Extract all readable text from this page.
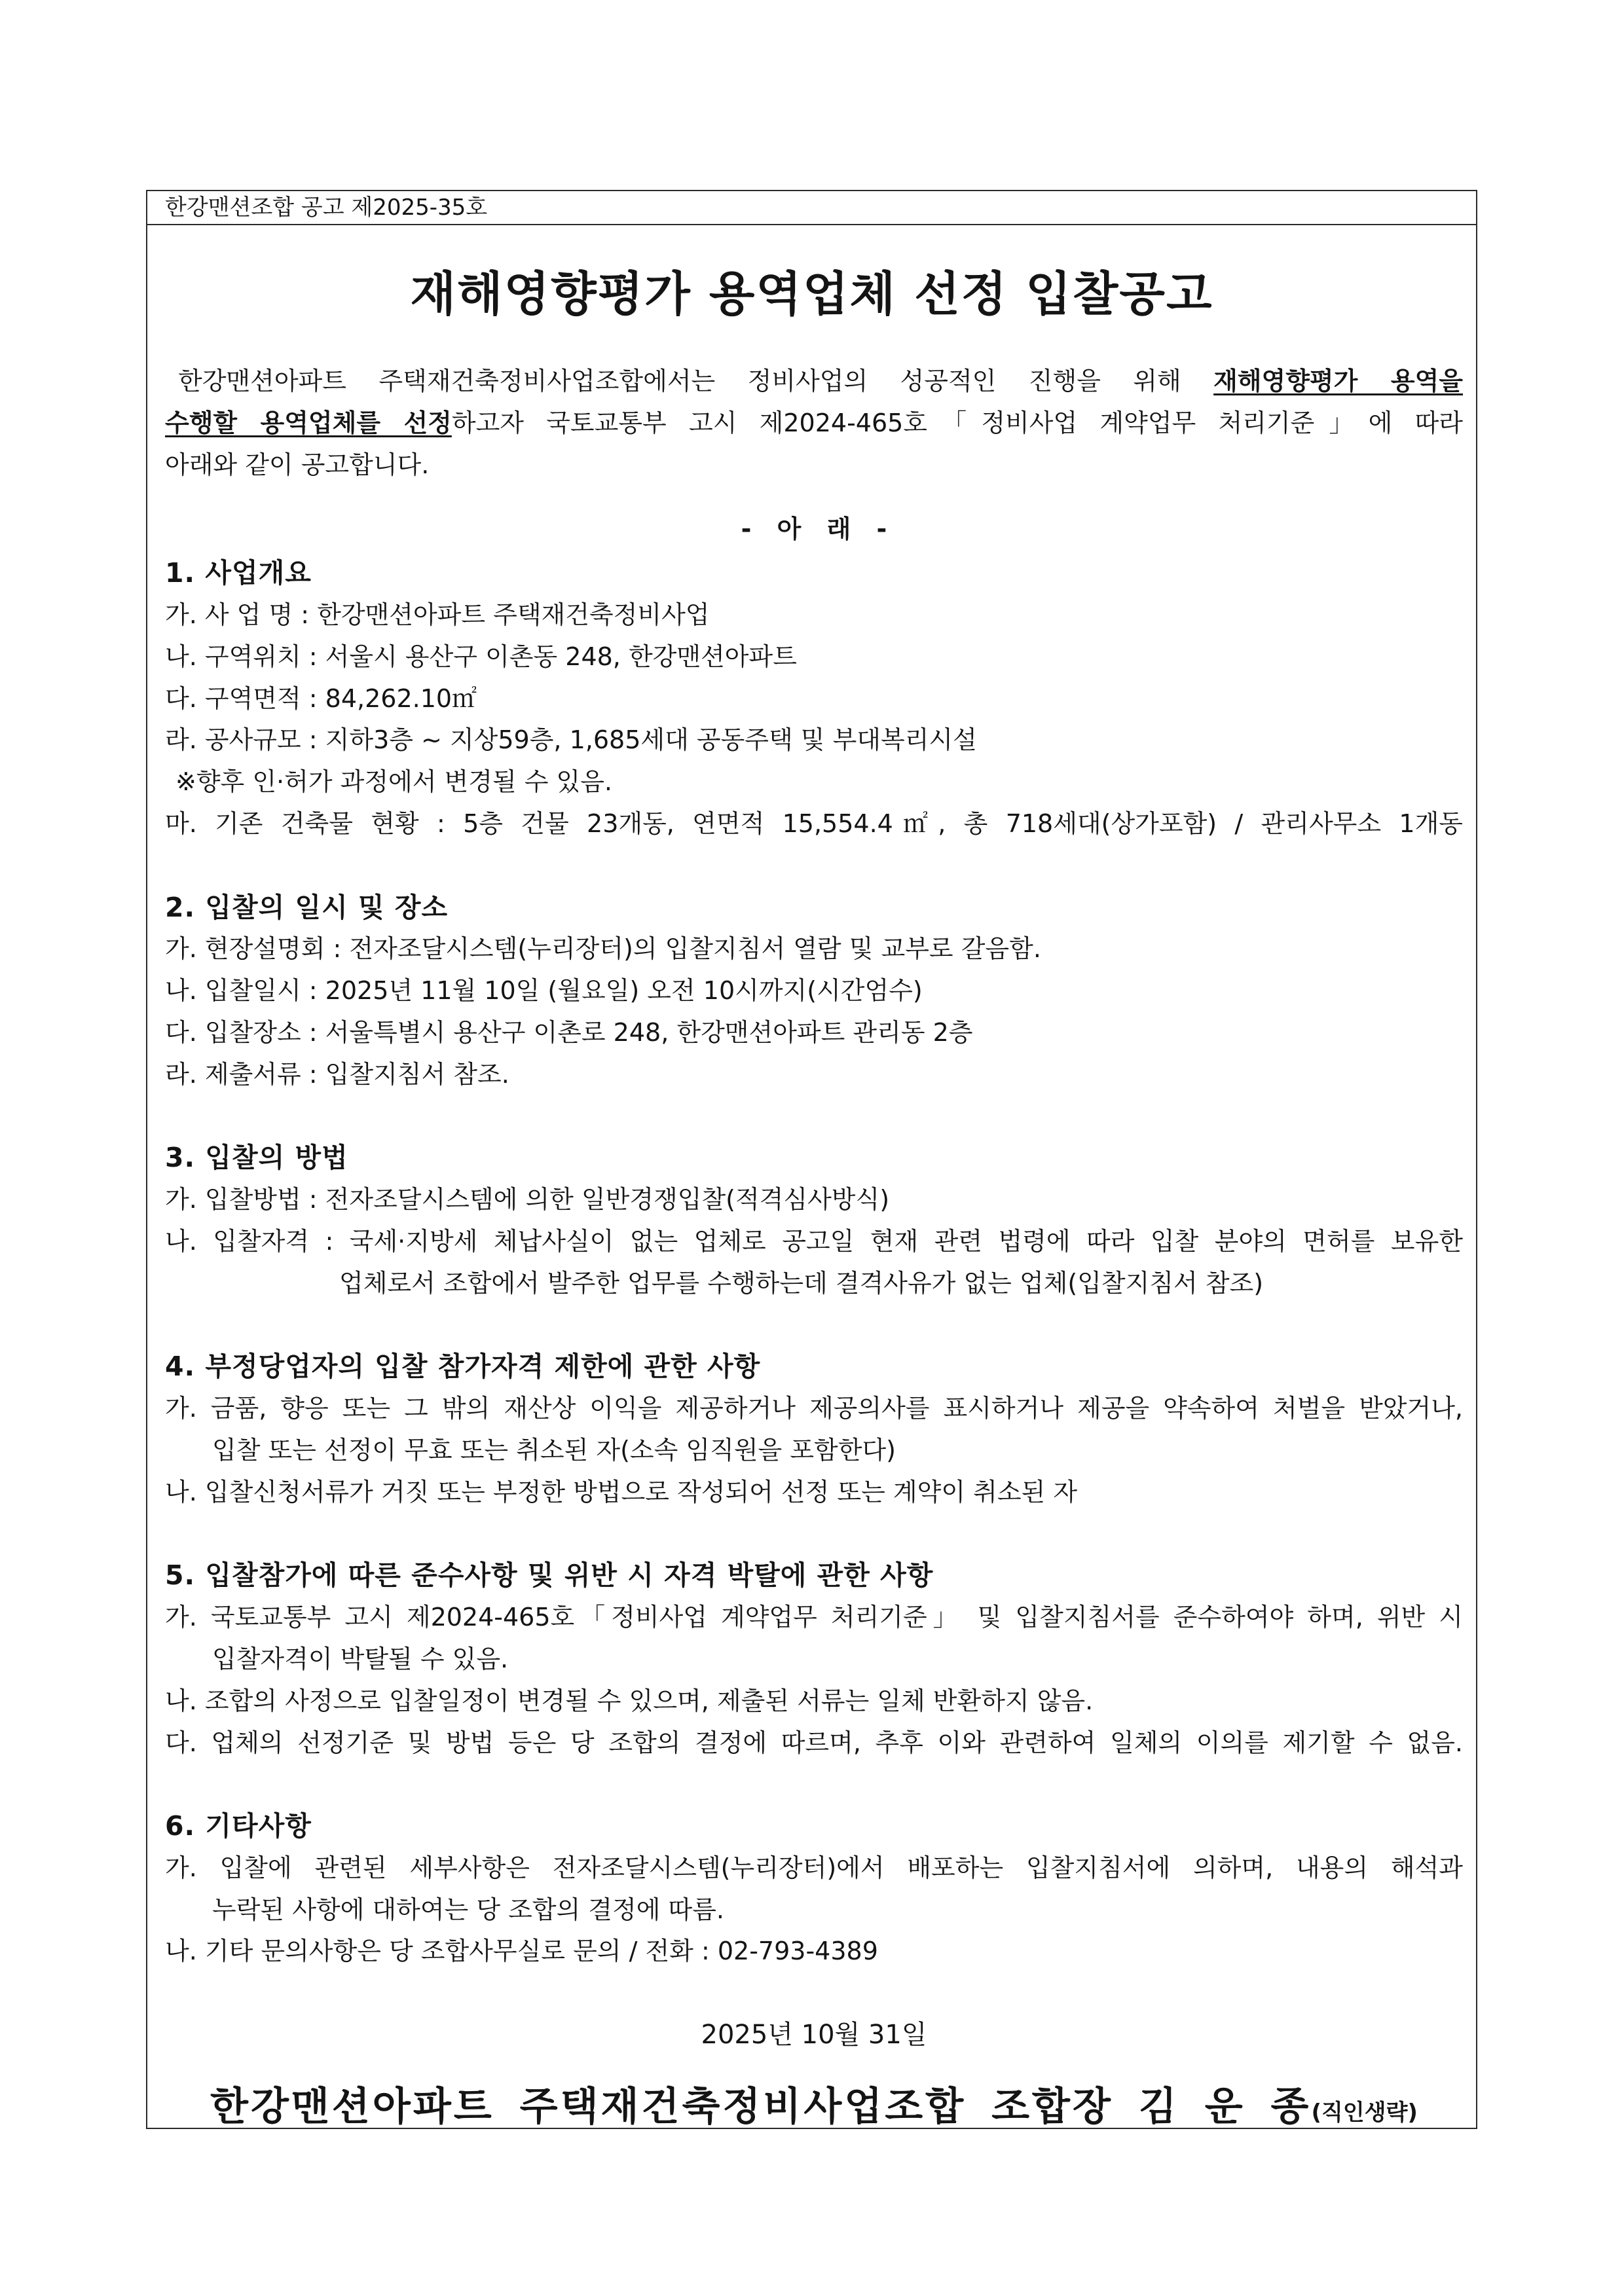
한강맨션조합 공고 제2025-35호
재해영향평가 용역업체 선정 입찰공고
한강맨션아파트 주택재건축정비사업조합에서는 정비사업의 성공적인 진행을 위해 재해영향평가 용역을
수행할 용역업체를 선정하고자 국토교통부 고시 제2024-465호「정비사업 계약업무 처리기준」에 따라
아래와 같이 공고합니다.
- 아 래 -
1. 사업개요
가. 사 업 명 : 한강맨션아파트 주택재건축정비사업
나. 구역위치 : 서울시 용산구 이촌동 248, 한강맨션아파트
다. 구역면적 : 84,262.10㎡
라. 공사규모 : 지하3층 ~ 지상59층, 1,685세대 공동주택 및 부대복리시설
※향후 인·허가 과정에서 변경될 수 있음.
마. 기존 건축물 현황 : 5층 건물 23개동, 연면적 15,554.4㎡, 총 718세대(상가포함) / 관리사무소 1개동
2. 입찰의 일시 및 장소
가. 현장설명회 : 전자조달시스템(누리장터)의 입찰지침서 열람 및 교부로 갈음함.
나. 입찰일시 : 2025년 11월 10일 (월요일) 오전 10시까지(시간엄수)
다. 입찰장소 : 서울특별시 용산구 이촌로 248, 한강맨션아파트 관리동 2층
라. 제출서류 : 입찰지침서 참조.
3. 입찰의 방법
가. 입찰방법 : 전자조달시스템에 의한 일반경쟁입찰(적격심사방식)
나. 입찰자격 : 국세·지방세 체납사실이 없는 업체로 공고일 현재 관련 법령에 따라 입찰 분야의 면허를 보유한
업체로서 조합에서 발주한 업무를 수행하는데 결격사유가 없는 업체(입찰지침서 참조)
4. 부정당업자의 입찰 참가자격 제한에 관한 사항
가. 금품, 향응 또는 그 밖의 재산상 이익을 제공하거나 제공의사를 표시하거나 제공을 약속하여 처벌을 받았거나,
입찰 또는 선정이 무효 또는 취소된 자(소속 임직원을 포함한다)
나. 입찰신청서류가 거짓 또는 부정한 방법으로 작성되어 선정 또는 계약이 취소된 자
5. 입찰참가에 따른 준수사항 및 위반 시 자격 박탈에 관한 사항
가. 국토교통부 고시 제2024-465호「정비사업 계약업무 처리기준」 및 입찰지침서를 준수하여야 하며, 위반 시
입찰자격이 박탈될 수 있음.
나. 조합의 사정으로 입찰일정이 변경될 수 있으며, 제출된 서류는 일체 반환하지 않음.
다. 업체의 선정기준 및 방법 등은 당 조합의 결정에 따르며, 추후 이와 관련하여 일체의 이의를 제기할 수 없음.
6. 기타사항
가. 입찰에 관련된 세부사항은 전자조달시스템(누리장터)에서 배포하는 입찰지침서에 의하며, 내용의 해석과
누락된 사항에 대하여는 당 조합의 결정에 따름.
나. 기타 문의사항은 당 조합사무실로 문의 / 전화 : 02-793-4389
2025년 10월 31일
한강맨션아파트 주택재건축정비사업조합 조합장 김 운 종(직인생략)
